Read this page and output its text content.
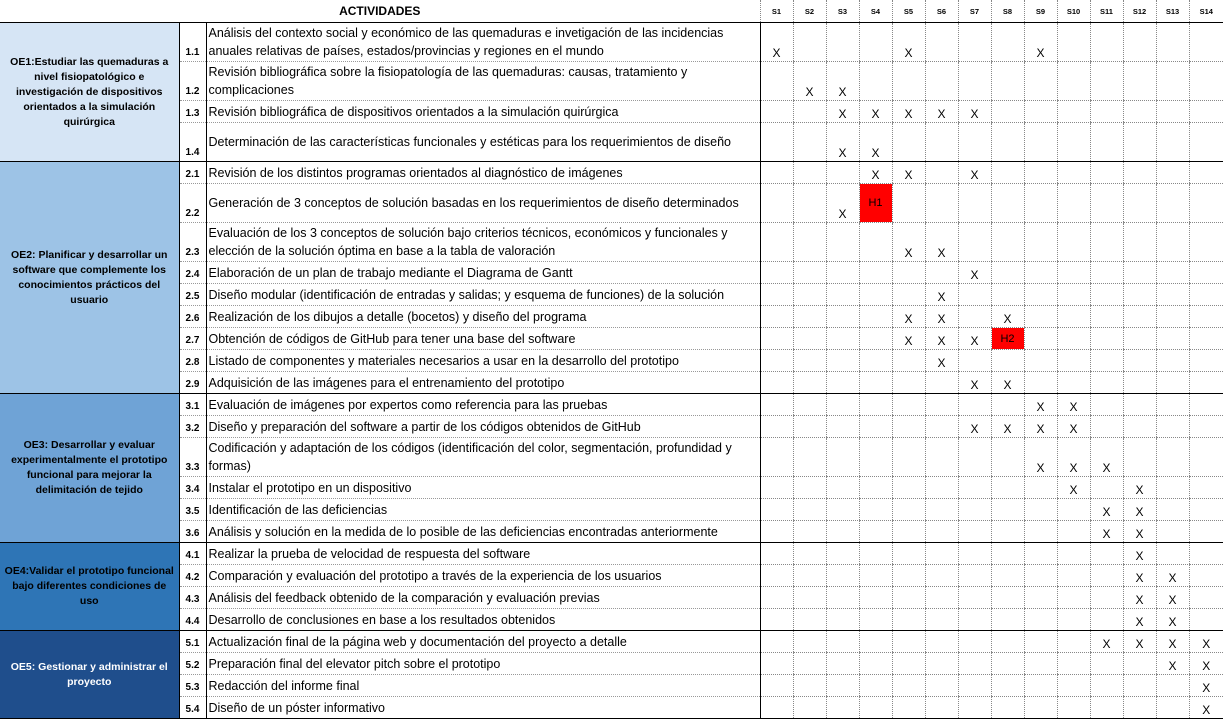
ACTIVIDADES			S1	S2	S3	S4	S5	S6	S7	S8	S9	S10	S11	S12	S13	S14
OE1:Estudiar las quemaduras a nivel fisiopatológico e investigación de dispositivos orientados a la simulación quirúrgica	1.1	Análisis del contexto social y económico de las quemaduras e invetigación de las incidencias anuales relativas de países, estados/provincias y regiones en el mundo	X				X				X					
	1.2	Revisión bibliográfica sobre la fisiopatología de las quemaduras: causas, tratamiento y complicaciones		X	X											
	1.3	Revisión bibliográfica de dispositivos orientados a la simulación quirúrgica			X	X	X	X	X							
	1.4	Determinación de las características funcionales y estéticas para los requerimientos de diseño			X	X										
OE2: Planificar y desarrollar un software que complemente los conocimientos prácticos del usuario	2.1	Revisión de los distintos programas orientados al diagnóstico de imágenes				X	X		X							
	2.2	Generación de 3 conceptos de solución basadas en los requerimientos de diseño determinados			X	H1										
	2.3	Evaluación de los 3 conceptos de solución bajo criterios técnicos, económicos y funcionales y elección de la solución óptima en base a la tabla de valoración					X	X								
	2.4	Elaboración de un plan de trabajo mediante el Diagrama de Gantt							X							
	2.5	Diseño modular (identificación de entradas y salidas; y esquema de funciones) de la solución						X								
	2.6	Realización de los dibujos a detalle (bocetos) y diseño del programa					X	X		X						
	2.7	Obtención de códigos de GitHub para tener una base del software					X	X	X	H2						
	2.8	Listado de componentes y materiales necesarios a usar en la desarrollo del prototipo						X								
	2.9	Adquisición de las imágenes para el entrenamiento del prototipo							X	X						
OE3: Desarrollar y evaluar experimentalmente el prototipo funcional para mejorar la delimitación de tejido	3.1	Evaluación de imágenes por expertos como referencia para las pruebas									X	X				
	3.2	Diseño y preparación del software a partir de los códigos obtenidos de GitHub							X	X	X	X				
	3.3	Codificación y adaptación de los códigos (identificación del color, segmentación, profundidad y formas)									X	X	X			
	3.4	Instalar el prototipo en un dispositivo										X		X		
	3.5	Identificación de las deficiencias											X	X		
	3.6	Análisis y solución en la medida de lo posible de las deficiencias encontradas anteriormente											X	X		
OE4:Validar el prototipo funcional bajo diferentes condiciones de uso	4.1	Realizar la prueba de velocidad de respuesta del software												X		
	4.2	Comparación y evaluación del prototipo a través de la experiencia de los usuarios												X	X	
	4.3	Análisis del feedback obtenido de la comparación y evaluación previas												X	X	
	4.4	Desarrollo de conclusiones en base a los resultados obtenidos												X	X	
OE5: Gestionar y administrar el proyecto	5.1	Actualización final de la página web y documentación del proyecto a detalle											X	X	X	X
	5.2	Preparación final del elevator pitch sobre el prototipo													X	X
	5.3	Redacción del informe final														X
	5.4	Diseño de un póster informativo														X
